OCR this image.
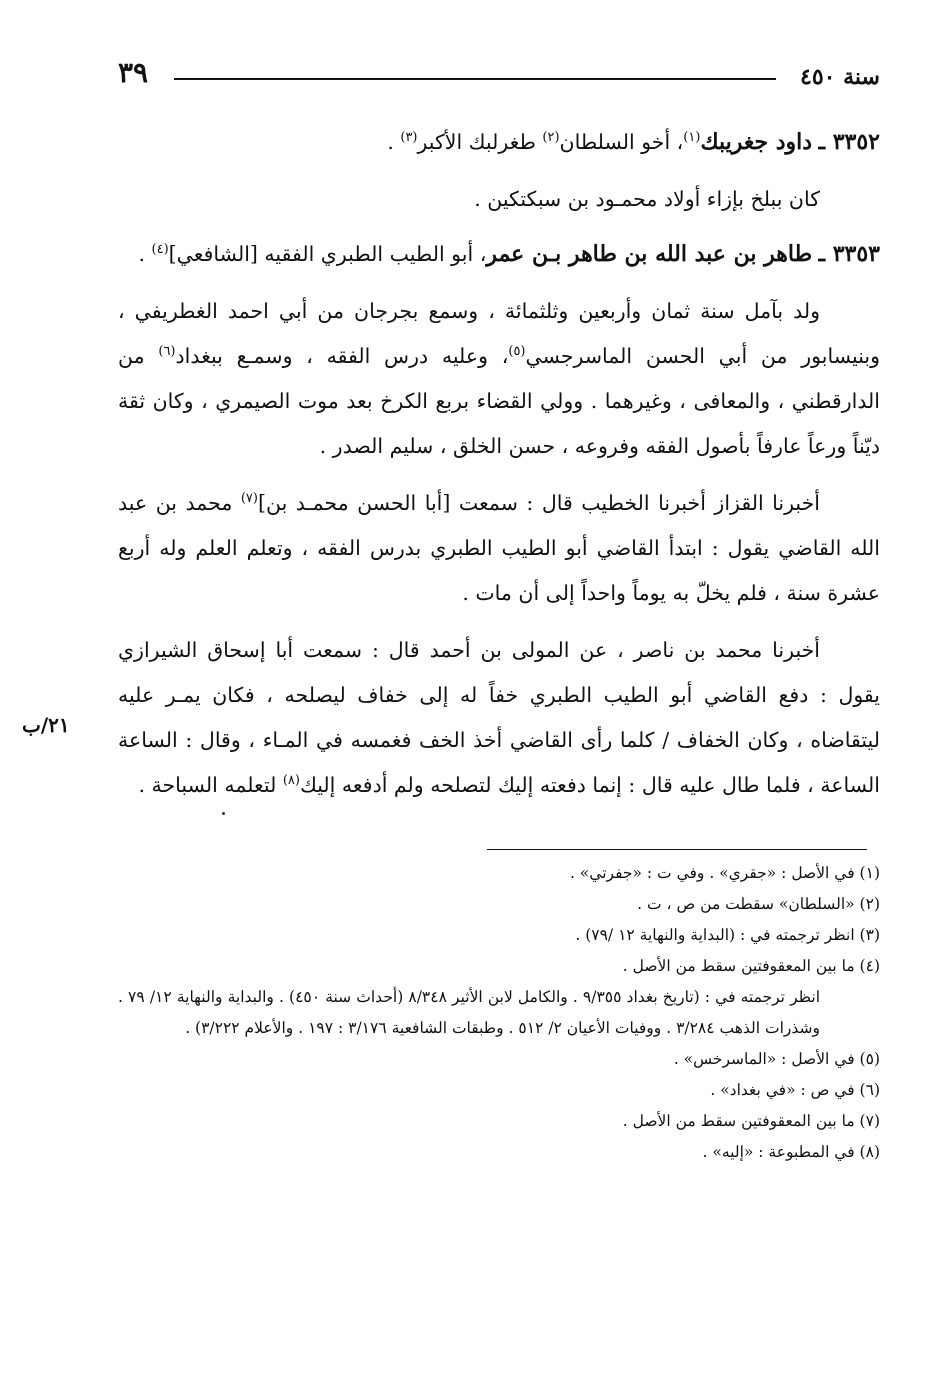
سنة ٤٥٠
٣٩

٣٣٥٢ ـ داود جغريبك$^{(١)}$، أخو السلطان$^{(٢)}$ طغرلبك الأكبر$^{(٣)}$ .

كان ببلخ بإزاء أولاد محمـود بن سبكتكين .

٣٣٥٣ ـ طاهر بن عبد الله بن طاهر بـن عمر، أبو الطيب الطبري الفقيه [الشافعي]$^{(٤)}$ .

ولد بآمل سنة ثمان وأربعين وثلثمائة ، وسمع بجرجان من أبي احمد الغطريفي ، وبنيسابور من أبي الحسن الماسرجسي$^{(٥)}$، وعليه درس الفقه ، وسمـع ببغداد$^{(٦)}$ من الدارقطني ، والمعافى ، وغيرهما . وولي القضاء بربع الكرخ بعد موت الصيمري ، وكان ثقة ديّناً ورعاً عارفاً بأصول الفقه وفروعه ، حسن الخلق ، سليم الصدر .

أخبرنا القزاز أخبرنا الخطيب قال : سمعت [أبا الحسن محمـد بن]$^{(٧)}$ محمد بن عبد الله القاضي يقول : ابتدأ القاضي أبو الطيب الطبري بدرس الفقه ، وتعلم العلم وله أربع عشرة سنة ، فلم يخلّ به يوماً واحداً إلى أن مات .

أخبرنا محمد بن ناصر ، عن المولى بن أحمد قال : سمعت أبا إسحاق الشيرازي يقول : دفع القاضي أبو الطيب الطبري خفاً له إلى خفاف ليصلحه ، فكان يمـر عليه ليتقاضاه ، وكان الخفاف / كلما رأى القاضي أخذ الخف فغمسه في المـاء ، وقال : الساعة الساعة ، فلما طال عليه قال : إنما دفعته إليك لتصلحه ولم أدفعه إليك$^{(٨)}$ لتعلمه السباحة .

٢١/ب
(١) في الأصل : «جقري» . وفي ت : «جفرتي» .
(٢) «السلطان» سقطت من ص ، ت .
(٣) انظر ترجمته في : (البداية والنهاية ١٢ /٧٩) .
(٤) ما بين المعقوفتين سقط من الأصل .
انظر ترجمته في : (تاريخ بغداد ٩/٣٥٥ . والكامل لابن الأثير ٨/٣٤٨ (أحداث سنة ٤٥٠) . والبداية والنهاية ١٢/ ٧٩ . وشذرات الذهب ٣/٢٨٤ . ووفيات الأعيان ٢/ ٥١٢ . وطبقات الشافعية ٣/١٧٦ : ١٩٧ . والأعلام ٣/٢٢٢) .
(٥) في الأصل : «الماسرخس» .
(٦) في ص : «في بغداد» .
(٧) ما بين المعقوفتين سقط من الأصل .
(٨) في المطبوعة : «إليه» .
